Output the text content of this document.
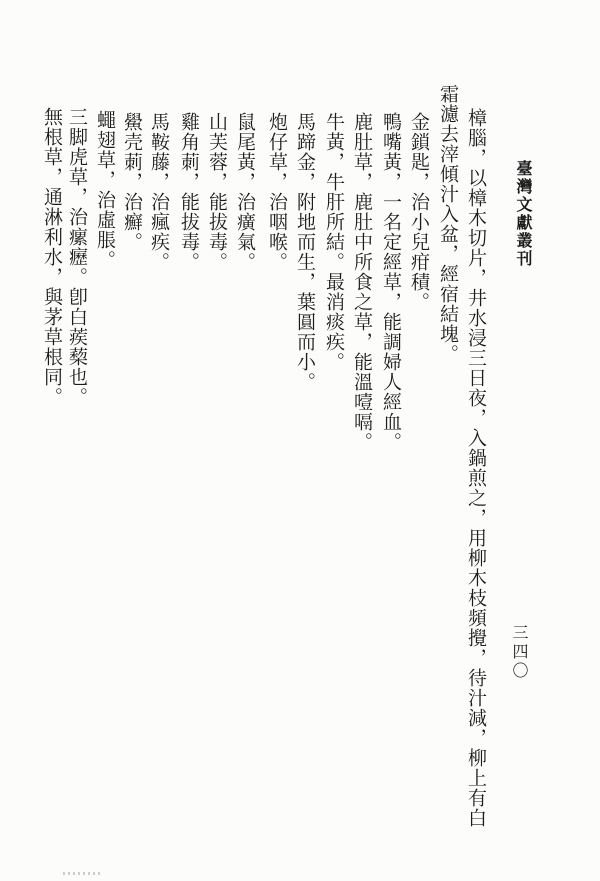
臺灣文獻叢刊
三四〇
樟腦，以樟木切片，井水浸三日夜，入鍋煎之，用柳木枝頻攪，待汁減，柳上有白
霜濾去滓傾汁入盆，經宿結塊。
金鎖匙，治小兒疳積。
鴨嘴黃，一名定經草，能調婦人經血。
鹿肚草，鹿肚中所食之草，能溫噎嗝。
牛黃，牛肝所結。最消痰疾。
馬蹄金，附地而生，葉圓而小。
炮仔草，治咽喉。
鼠尾黃，治癀氣。
山芙蓉，能拔毒。
雞角莿，能拔毒。
馬鞍藤，治瘋疾。
鱟壳莿，治癬。
蠅翅草，治虛脹。
三脚虎草，治瘰癧。卽白蒺蔾也。
無根草，通淋利水，與茅草根同。
